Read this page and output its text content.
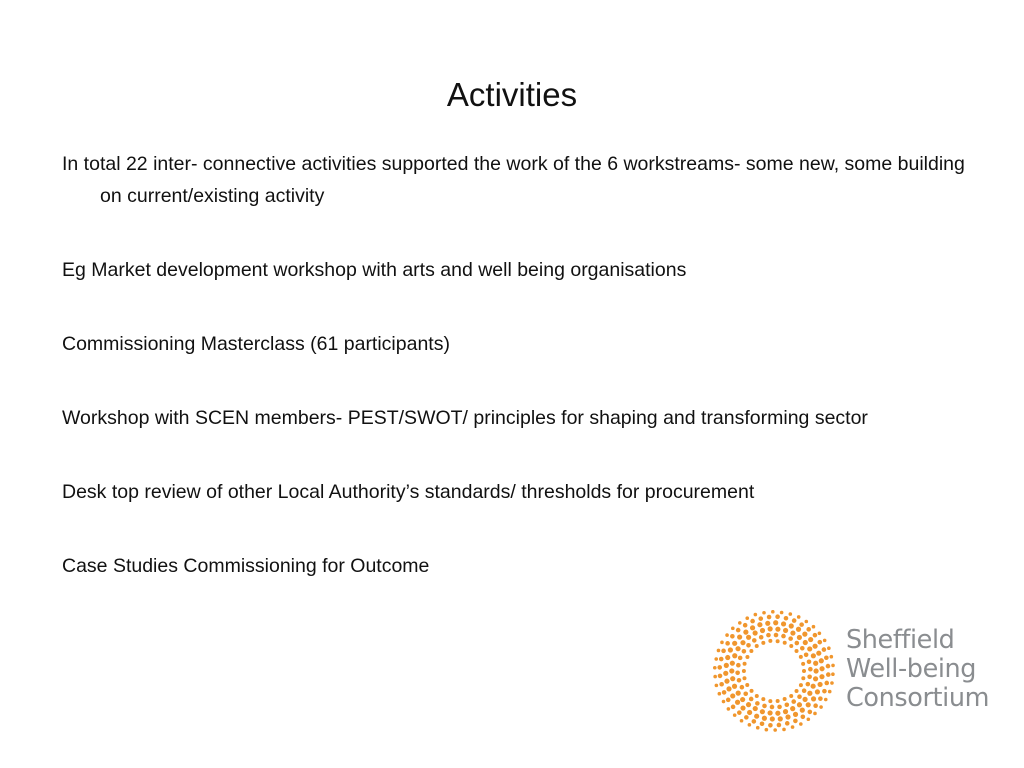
Activities

In total 22 inter- connective activities supported the work of the 6 workstreams- some new, some building on current/existing activity

Eg Market development workshop with arts and well being organisations

Commissioning Masterclass (61 participants)

Workshop with SCEN members- PEST/SWOT/ principles for shaping and transforming sector

Desk top review of other Local Authority’s standards/ thresholds for procurement

Case Studies Commissioning for Outcome

Sheffield
Well-being
Consortium
